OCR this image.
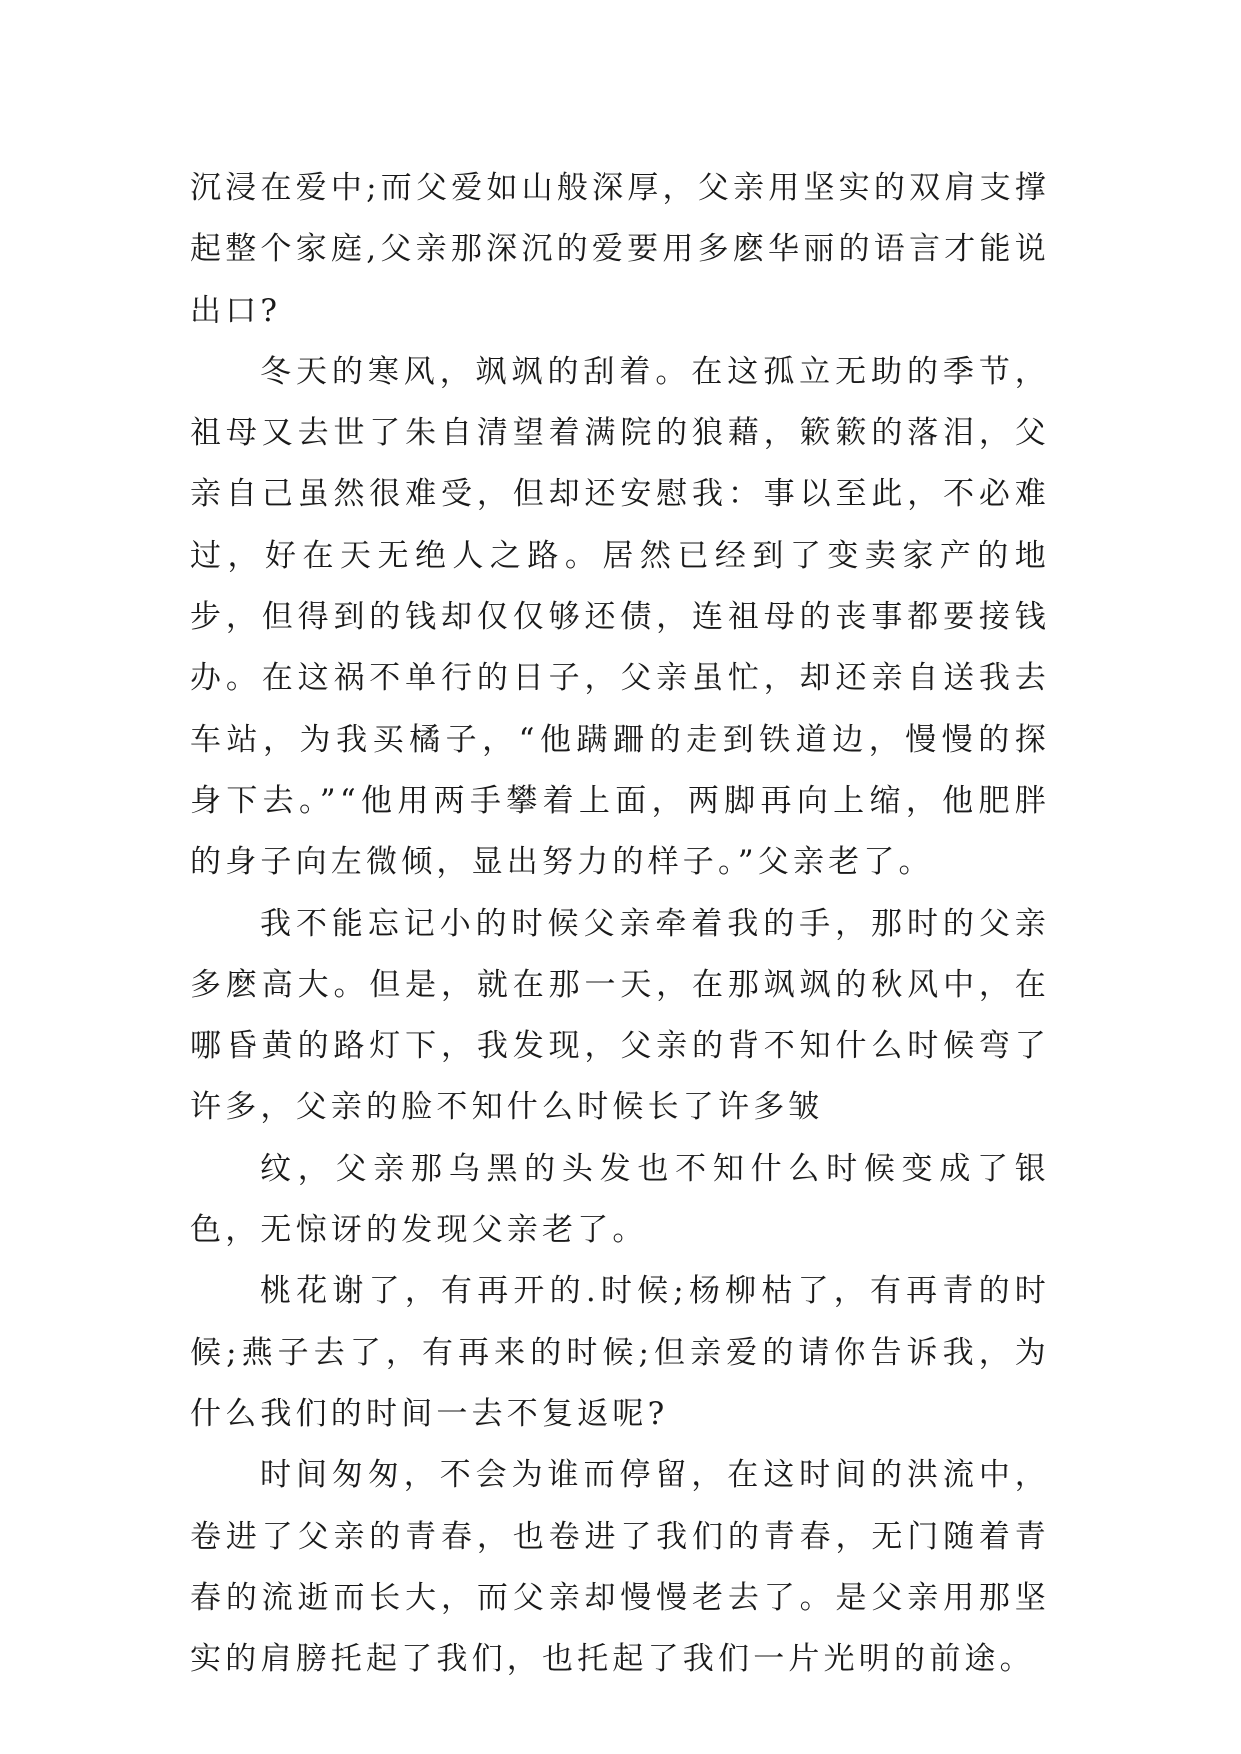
沉浸在爱中;而父爱如山般深厚，父亲用坚实的双肩支撑起整个家庭,父亲那深沉的爱要用多麽华丽的语言才能说出口?

冬天的寒风，飒飒的刮着。在这孤立无助的季节，祖母又去世了朱自清望着满院的狼藉，簌簌的落泪，父亲自己虽然很难受，但却还安慰我：事以至此，不必难过，好在天无绝人之路。居然已经到了变卖家产的地步，但得到的钱却仅仅够还债，连祖母的丧事都要接钱办。在这祸不单行的日子，父亲虽忙，却还亲自送我去车站，为我买橘子，“他蹒跚的走到铁道边，慢慢的探身下去。”“他用两手攀着上面，两脚再向上缩，他肥胖的身子向左微倾，显出努力的样子。”父亲老了。

我不能忘记小的时候父亲牵着我的手，那时的父亲多麽高大。但是，就在那一天，在那飒飒的秋风中，在哪昏黄的路灯下，我发现，父亲的背不知什么时候弯了许多，父亲的脸不知什么时候长了许多皱

纹，父亲那乌黑的头发也不知什么时候变成了银色，无惊讶的发现父亲老了。

桃花谢了，有再开的.时候;杨柳枯了，有再青的时候;燕子去了，有再来的时候;但亲爱的请你告诉我，为什么我们的时间一去不复返呢?

时间匆匆，不会为谁而停留，在这时间的洪流中，卷进了父亲的青春，也卷进了我们的青春，无门随着青春的流逝而长大，而父亲却慢慢老去了。是父亲用那坚实的肩膀托起了我们，也托起了我们一片光明的前途。
